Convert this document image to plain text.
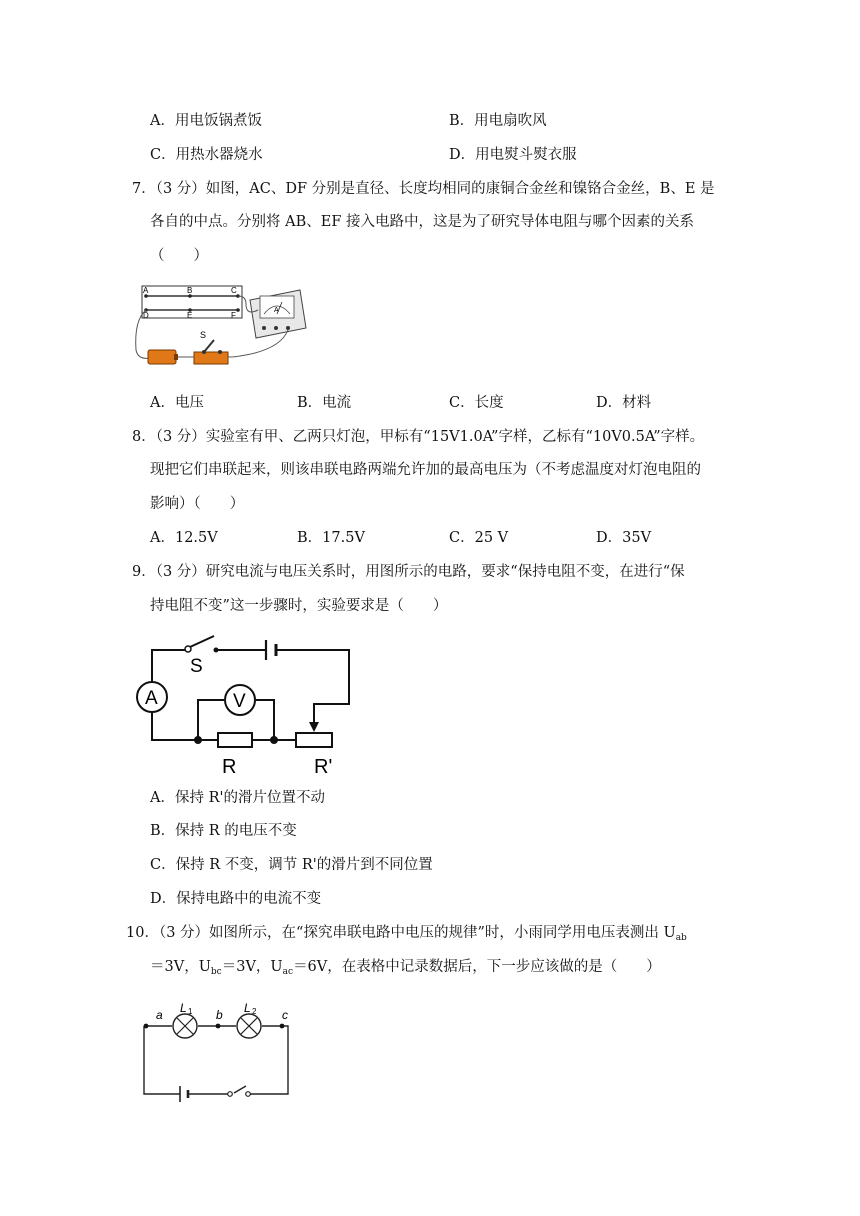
A．用电饭锅煮饭	B．用电扇吹风
C．用热水器烧水	D．用电熨斗熨衣服
7．（3 分）如图，AC、DF 分别是直径、长度均相同的康铜合金丝和镍铬合金丝，B、E 是
各自的中点。分别将 AB、EF 接入电路中，这是为了研究导体电阻与哪个因素的关系
（　　）
A	B	C
D	E	F
A
S
A．电压	B．电流	C．长度	D．材料
8．（3 分）实验室有甲、乙两只灯泡，甲标有“15V1.0A”字样，乙标有“10V0.5A”字样。
现把它们串联起来，则该串联电路两端允许加的最高电压为（不考虑温度对灯泡电阻的
影响）（　　）
A．12.5V	B．17.5V	C．25 V	D．35V
9．（3 分）研究电流与电压关系时，用图所示的电路，要求“保持电阻不变，在进行“保
持电阻不变”这一步骤时，实验要求是（　　）
A	V
S
R	R'
A．保持 R'的滑片位置不动
B．保持 R 的电压不变
C．保持 R 不变，调节 R'的滑片到不同位置
D．保持电路中的电流不变
10．（3 分）如图所示，在“探究串联电路中电压的规律”时，小雨同学用电压表测出 $U_{ab}$
＝3V，$U_{bc}=3V$，$U_{ac}=6V$，在表格中记录数据后，下一步应该做的是（　　）
a	b	c
L 1	L 2
